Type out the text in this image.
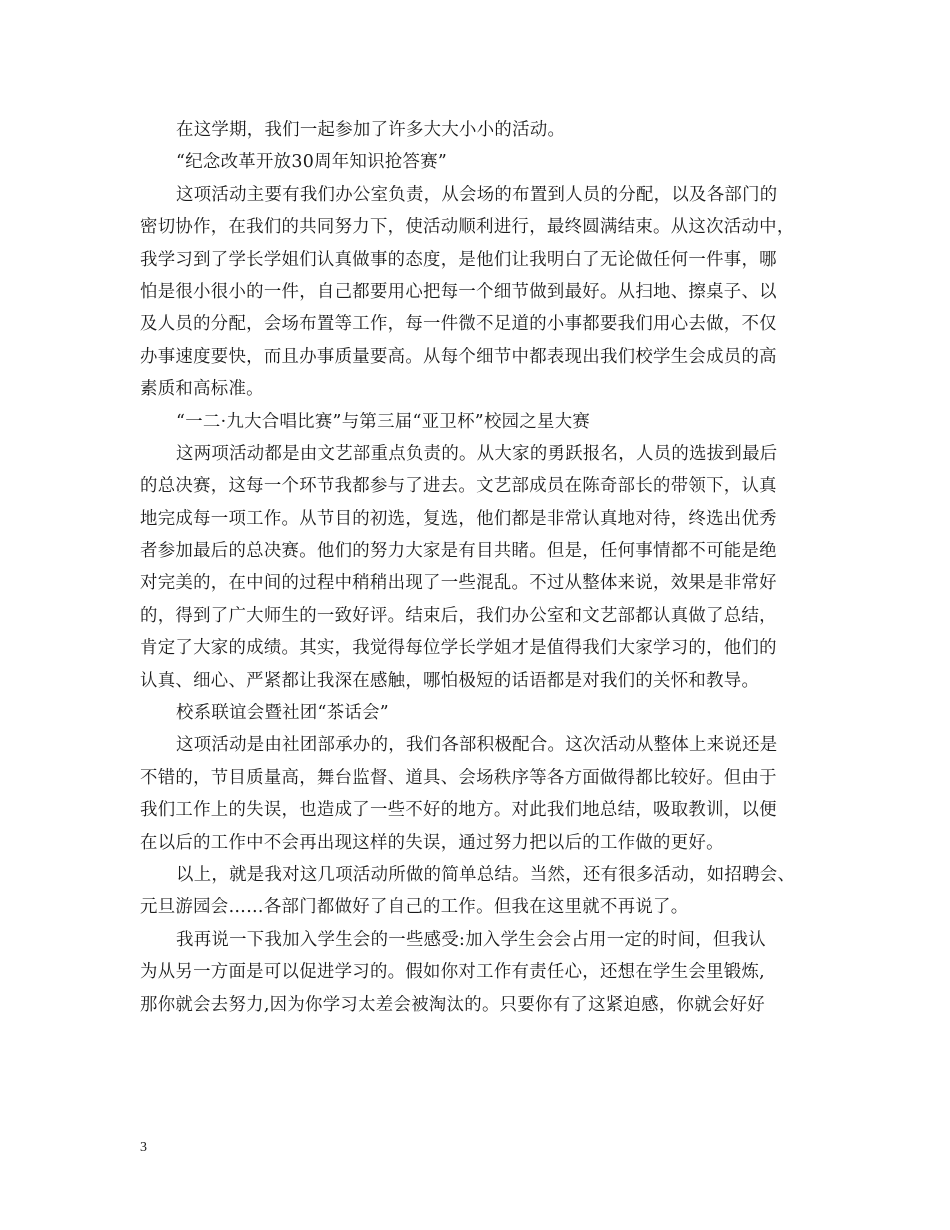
在这学期，我们一起参加了许多大大小小的活动。
“纪念改革开放30周年知识抢答赛”
这项活动主要有我们办公室负责，从会场的布置到人员的分配，以及各部门的
密切协作，在我们的共同努力下，使活动顺利进行，最终圆满结束。从这次活动中，
我学习到了学长学姐们认真做事的态度，是他们让我明白了无论做任何一件事，哪
怕是很小很小的一件，自己都要用心把每一个细节做到最好。从扫地、擦桌子、以
及人员的分配，会场布置等工作，每一件微不足道的小事都要我们用心去做，不仅
办事速度要快，而且办事质量要高。从每个细节中都表现出我们校学生会成员的高
素质和高标准。
“一二·九大合唱比赛”与第三届“亚卫杯”校园之星大赛
这两项活动都是由文艺部重点负责的。从大家的勇跃报名，人员的选拔到最后
的总决赛，这每一个环节我都参与了进去。文艺部成员在陈奇部长的带领下，认真
地完成每一项工作。从节目的初选，复选，他们都是非常认真地对待，终选出优秀
者参加最后的总决赛。他们的努力大家是有目共睹。但是，任何事情都不可能是绝
对完美的，在中间的过程中稍稍出现了一些混乱。不过从整体来说，效果是非常好
的，得到了广大师生的一致好评。结束后，我们办公室和文艺部都认真做了总结，
肯定了大家的成绩。其实，我觉得每位学长学姐才是值得我们大家学习的，他们的
认真、细心、严紧都让我深在感触，哪怕极短的话语都是对我们的关怀和教导。
校系联谊会暨社团“茶话会”
这项活动是由社团部承办的，我们各部积极配合。这次活动从整体上来说还是
不错的，节目质量高，舞台监督、道具、会场秩序等各方面做得都比较好。但由于
我们工作上的失误，也造成了一些不好的地方。对此我们地总结，吸取教训，以便
在以后的工作中不会再出现这样的失误，通过努力把以后的工作做的更好。
以上，就是我对这几项活动所做的简单总结。当然，还有很多活动，如招聘会、
元旦游园会……各部门都做好了自己的工作。但我在这里就不再说了。
我再说一下我加入学生会的一些感受:加入学生会会占用一定的时间，但我认
为从另一方面是可以促进学习的。假如你对工作有责任心，还想在学生会里锻炼,
那你就会去努力,因为你学习太差会被淘汰的。只要你有了这紧迫感，你就会好好
3
